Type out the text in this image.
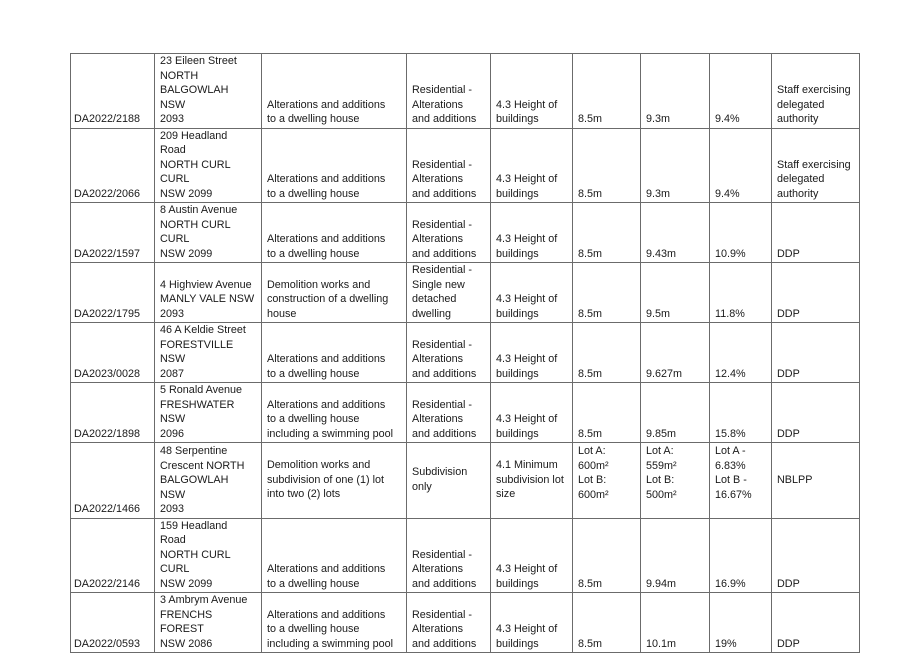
DA2022/2188	23 Eileen Street
NORTH
BALGOWLAH NSW
2093	Alterations and additions
to a dwelling house	Residential -
Alterations
and additions	4.3 Height of
buildings	8.5m	9.3m	9.4%	Staff exercising
delegated
authority
DA2022/2066	209 Headland Road
NORTH CURL CURL
NSW 2099	Alterations and additions
to a dwelling house	Residential -
Alterations
and additions	4.3 Height of
buildings	8.5m	9.3m	9.4%	Staff exercising
delegated
authority
DA2022/1597	8 Austin Avenue
NORTH CURL CURL
NSW 2099	Alterations and additions
to a dwelling house	Residential -
Alterations
and additions	4.3 Height of
buildings	8.5m	9.43m	10.9%	DDP
DA2022/1795	4 Highview Avenue
MANLY VALE NSW
2093	Demolition works and
construction of a dwelling
house	Residential -
Single new
detached
dwelling	4.3 Height of
buildings	8.5m	9.5m	11.8%	DDP
DA2023/0028	46 A Keldie Street
FORESTVILLE NSW
2087	Alterations and additions
to a dwelling house	Residential -
Alterations
and additions	4.3 Height of
buildings	8.5m	9.627m	12.4%	DDP
DA2022/1898	5 Ronald Avenue
FRESHWATER NSW
2096	Alterations and additions
to a dwelling house
including a swimming pool	Residential -
Alterations
and additions	4.3 Height of
buildings	8.5m	9.85m	15.8%	DDP
DA2022/1466	48 Serpentine
Crescent NORTH
BALGOWLAH NSW
2093	Demolition works and
subdivision of one (1) lot
into two (2) lots	Subdivision
only	4.1 Minimum
subdivision lot
size	Lot A:
600m²
Lot B:
600m²	Lot A:
559m²
Lot B:
500m²	Lot A -
6.83%
Lot B -
16.67%	NBLPP
DA2022/2146	159 Headland Road
NORTH CURL CURL
NSW 2099	Alterations and additions
to a dwelling house	Residential -
Alterations
and additions	4.3 Height of
buildings	8.5m	9.94m	16.9%	DDP
DA2022/0593	3 Ambrym Avenue
FRENCHS FOREST
NSW 2086	Alterations and additions
to a dwelling house
including a swimming pool	Residential -
Alterations
and additions	4.3 Height of
buildings	8.5m	10.1m	19%	DDP
